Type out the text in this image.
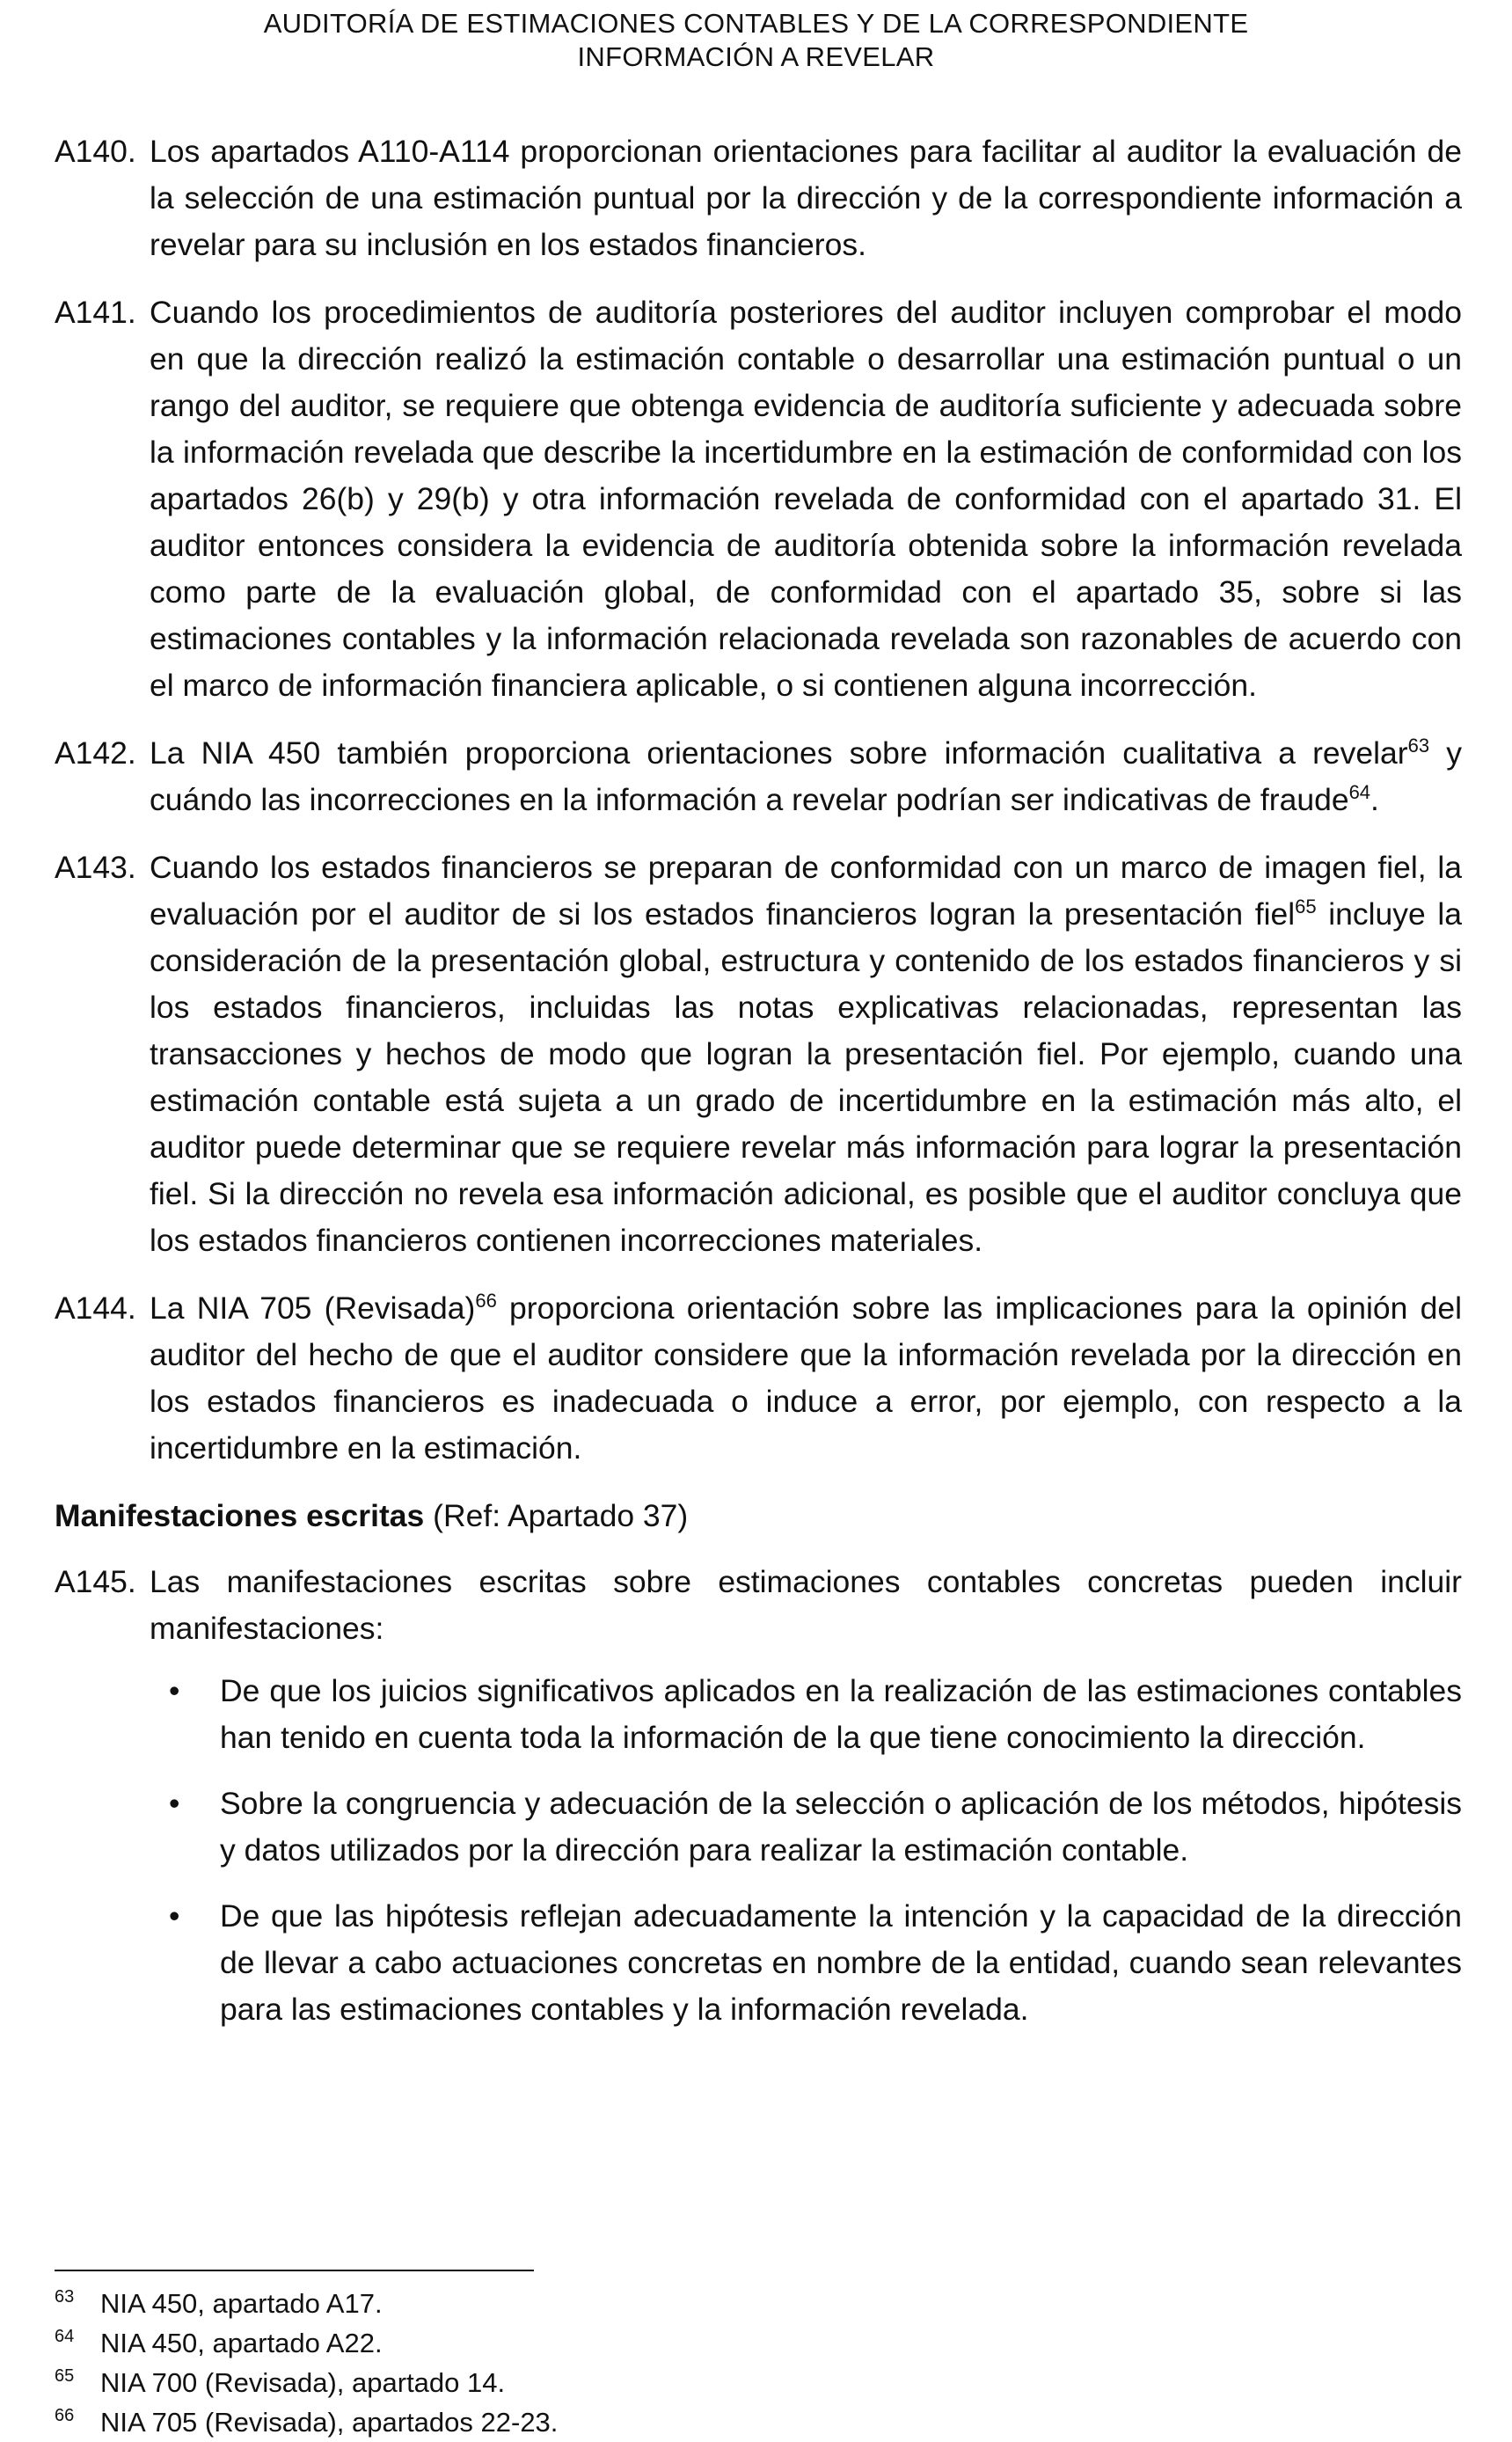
AUDITORÍA DE ESTIMACIONES CONTABLES Y DE LA CORRESPONDIENTE
INFORMACIÓN A REVELAR
A140. Los apartados A110-A114 proporcionan orientaciones para facilitar al auditor la evaluación de la selección de una estimación puntual por la dirección y de la correspondiente información a revelar para su inclusión en los estados financieros.
A141. Cuando los procedimientos de auditoría posteriores del auditor incluyen comprobar el modo en que la dirección realizó la estimación contable o desarrollar una estimación puntual o un rango del auditor, se requiere que obtenga evidencia de auditoría suficiente y adecuada sobre la información revelada que describe la incertidumbre en la estimación de conformidad con los apartados 26(b) y 29(b) y otra información revelada de conformidad con el apartado 31. El auditor entonces considera la evidencia de auditoría obtenida sobre la información revelada como parte de la evaluación global, de conformidad con el apartado 35, sobre si las estimaciones contables y la información relacionada revelada son razonables de acuerdo con el marco de información financiera aplicable, o si contienen alguna incorrección.
A142. La NIA 450 también proporciona orientaciones sobre información cualitativa a revelar$^{63}$ y cuándo las incorrecciones en la información a revelar podrían ser indicativas de fraude$^{64}$.
A143. Cuando los estados financieros se preparan de conformidad con un marco de imagen fiel, la evaluación por el auditor de si los estados financieros logran la presentación fiel$^{65}$ incluye la consideración de la presentación global, estructura y contenido de los estados financieros y si los estados financieros, incluidas las notas explicativas relacionadas, representan las transacciones y hechos de modo que logran la presentación fiel. Por ejemplo, cuando una estimación contable está sujeta a un grado de incertidumbre en la estimación más alto, el auditor puede determinar que se requiere revelar más información para lograr la presentación fiel. Si la dirección no revela esa información adicional, es posible que el auditor concluya que los estados financieros contienen incorrecciones materiales.
A144. La NIA 705 (Revisada)$^{66}$ proporciona orientación sobre las implicaciones para la opinión del auditor del hecho de que el auditor considere que la información revelada por la dirección en los estados financieros es inadecuada o induce a error, por ejemplo, con respecto a la incertidumbre en la estimación.
Manifestaciones escritas (Ref: Apartado 37)
A145. Las manifestaciones escritas sobre estimaciones contables concretas pueden incluir manifestaciones:
•	De que los juicios significativos aplicados en la realización de las estimaciones contables han tenido en cuenta toda la información de la que tiene conocimiento la dirección.
•	Sobre la congruencia y adecuación de la selección o aplicación de los métodos, hipótesis y datos utilizados por la dirección para realizar la estimación contable.
•	De que las hipótesis reflejan adecuadamente la intención y la capacidad de la dirección de llevar a cabo actuaciones concretas en nombre de la entidad, cuando sean relevantes para las estimaciones contables y la información revelada.
63 NIA 450, apartado A17.
64 NIA 450, apartado A22.
65 NIA 700 (Revisada), apartado 14.
66 NIA 705 (Revisada), apartados 22-23.
